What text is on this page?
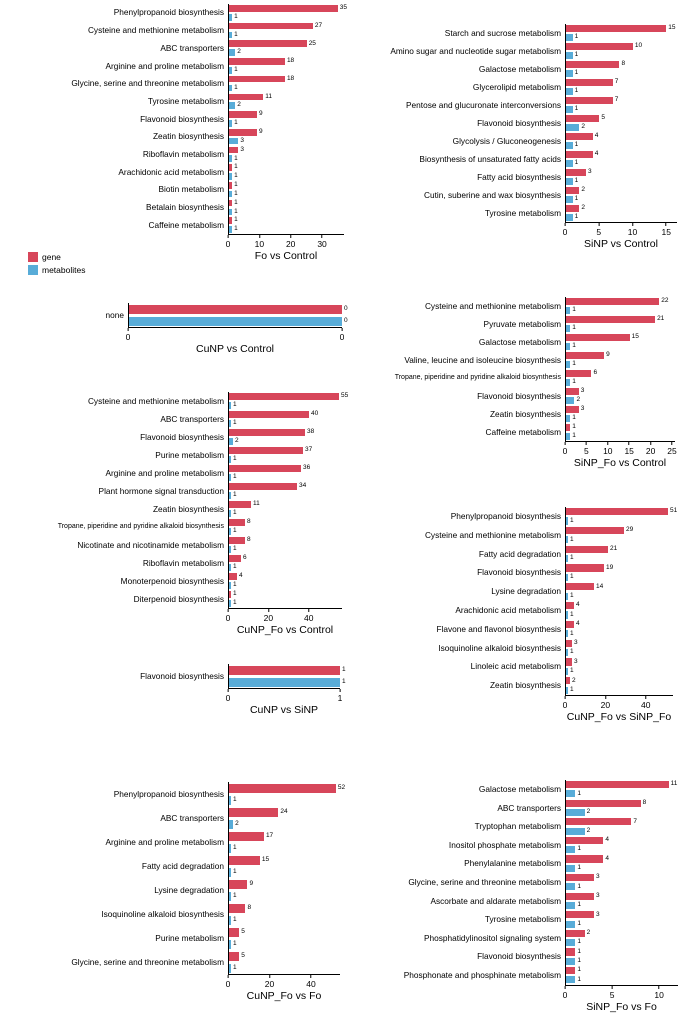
gene
metabolites
Phenylpropanoid biosynthesis	35
1
Cysteine and methionine metabolism	27
1
ABC transporters	25
2
Arginine and proline metabolism	18
1
Glycine, serine and threonine metabolism	18
1
Tyrosine metabolism	11
2
Flavonoid biosynthesis	9
1
Zeatin biosynthesis	9
3
Riboflavin metabolism	3
1
Arachidonic acid metabolism	1
1
Biotin metabolism	1
1
Betalain biosynthesis	1
1
Caffeine metabolism	1
1
0	10	20	30
Fo vs Control
Starch and sucrose metabolism	15
1
Amino sugar and nucleotide sugar metabolism	10
1
Galactose metabolism	8
1
Glycerolipid metabolism	7
1
Pentose and glucuronate interconversions	7
1
Flavonoid biosynthesis	5
2
Glycolysis / Gluconeogenesis	4
1
Biosynthesis of unsaturated fatty acids	4
1
Fatty acid biosynthesis	3
1
Cutin, suberine and wax biosynthesis	2
1
Tyrosine metabolism	2
1
0	5	10	15
SiNP vs Control
none
0
0
0	0
CuNP vs Control
Cysteine and methionine metabolism	22
1
Pyruvate metabolism	21
1
Galactose metabolism	15
1
Valine, leucine and isoleucine biosynthesis	9
1
Tropane, piperidine and pyridine alkaloid biosynthesis
6
1
Flavonoid biosynthesis	3
2
Zeatin biosynthesis	3
1
Caffeine metabolism	1
1
0 5 10 15 20 25
SiNP_Fo vs Control
Cysteine and methionine metabolism	55
1
ABC transporters	40
1
Flavonoid biosynthesis	38
2
Purine metabolism	37
1
Arginine and proline metabolism	36
1
Plant hormone signal transduction	34
1
Zeatin biosynthesis	11
1
Tropane, piperidine and pyridine alkaloid biosynthesis
8
1
Nicotinate and nicotinamide metabolism	8
1
Riboflavin metabolism	6
1
Monoterpenoid biosynthesis	4
1
Diterpenoid biosynthesis	1
1
0	20	40
CuNP_Fo vs Control
Phenylpropanoid biosynthesis
51
1
Cysteine and methionine metabolism
29
1
Fatty acid degradation
21
1
Flavonoid biosynthesis
19
1
Lysine degradation
14
1
Arachidonic acid metabolism
4
1
Flavone and flavonol biosynthesis
4
1
Isoquinoline alkaloid biosynthesis
3
1
Linoleic acid metabolism
3
1
Zeatin biosynthesis
2
1
0	20	40
CuNP_Fo vs SiNP_Fo
Flavonoid biosynthesis
1
1
0	1
CuNP vs SiNP
Phenylpropanoid biosynthesis
52
1
ABC transporters
24
2
Arginine and proline metabolism
17
1
Fatty acid degradation
15
1
Lysine degradation
9
1
Isoquinoline alkaloid biosynthesis
8
1
Purine metabolism
5
1
Glycine, serine and threonine metabolism
5
1
0	20	40
CuNP_Fo vs Fo
Galactose metabolism
11
1
ABC transporters
8
2
Tryptophan metabolism
7
2
Inositol phosphate metabolism
4
1
Phenylalanine metabolism
4
1
Glycine, serine and threonine metabolism
3
1
Ascorbate and aldarate metabolism
3
1
Tyrosine metabolism
3
1
Phosphatidylinositol signaling system
2
1
Flavonoid biosynthesis
1
1
Phosphonate and phosphinate metabolism
1
1
0	5	10
SiNP_Fo vs Fo
